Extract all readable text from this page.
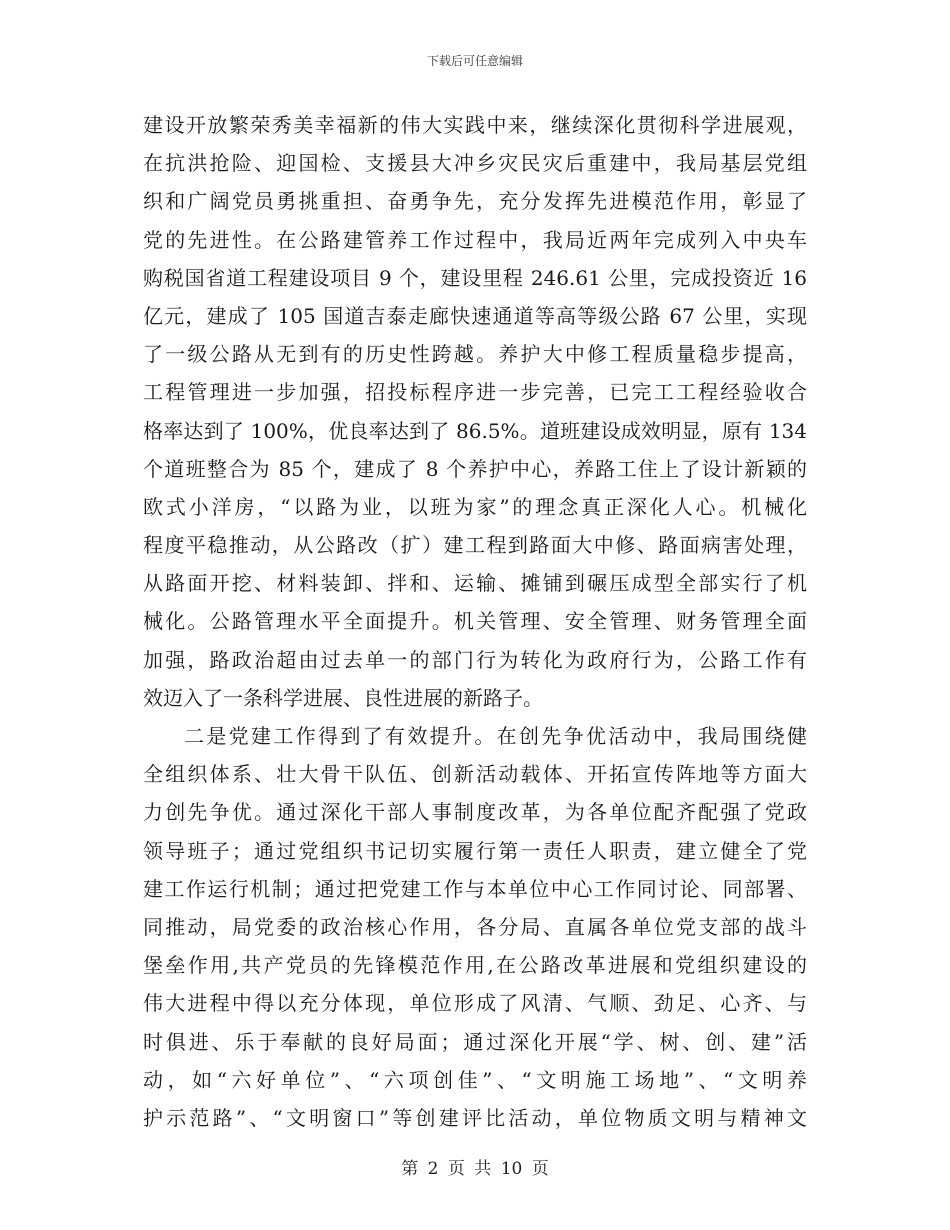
下载后可任意编辑
建设开放繁荣秀美幸福新的伟大实践中来，继续深化贯彻科学进展观，
在抗洪抢险、迎国检、支援县大冲乡灾民灾后重建中，我局基层党组
织和广阔党员勇挑重担、奋勇争先，充分发挥先进模范作用，彰显了
党的先进性。在公路建管养工作过程中，我局近两年完成列入中央车
购税国省道工程建设项目 9 个，建设里程 246.61 公里，完成投资近 16
亿元，建成了 105 国道吉泰走廊快速通道等高等级公路 67 公里，实现
了一级公路从无到有的历史性跨越。养护大中修工程质量稳步提高，
工程管理进一步加强，招投标程序进一步完善，已完工工程经验收合
格率达到了 100%，优良率达到了 86.5%。道班建设成效明显，原有 134
个道班整合为 85 个，建成了 8 个养护中心，养路工住上了设计新颖的
欧式小洋房，“以路为业，以班为家”的理念真正深化人心。机械化
程度平稳推动，从公路改（扩）建工程到路面大中修、路面病害处理，
从路面开挖、材料装卸、拌和、运输、摊铺到碾压成型全部实行了机
械化。公路管理水平全面提升。机关管理、安全管理、财务管理全面
加强，路政治超由过去单一的部门行为转化为政府行为，公路工作有
效迈入了一条科学进展、良性进展的新路子。
二是党建工作得到了有效提升。在创先争优活动中，我局围绕健
全组织体系、壮大骨干队伍、创新活动载体、开拓宣传阵地等方面大
力创先争优。通过深化干部人事制度改革，为各单位配齐配强了党政
领导班子；通过党组织书记切实履行第一责任人职责，建立健全了党
建工作运行机制；通过把党建工作与本单位中心工作同讨论、同部署、
同推动，局党委的政治核心作用，各分局、直属各单位党支部的战斗
堡垒作用,共产党员的先锋模范作用,在公路改革进展和党组织建设的
伟大进程中得以充分体现，单位形成了风清、气顺、劲足、心齐、与
时俱进、乐于奉献的良好局面；通过深化开展“学、树、创、建”活
动，如“六好单位”、“六项创佳”、“文明施工场地”、“文明养
护示范路”、“文明窗口”等创建评比活动，单位物质文明与精神文
第 2 页 共 10 页
